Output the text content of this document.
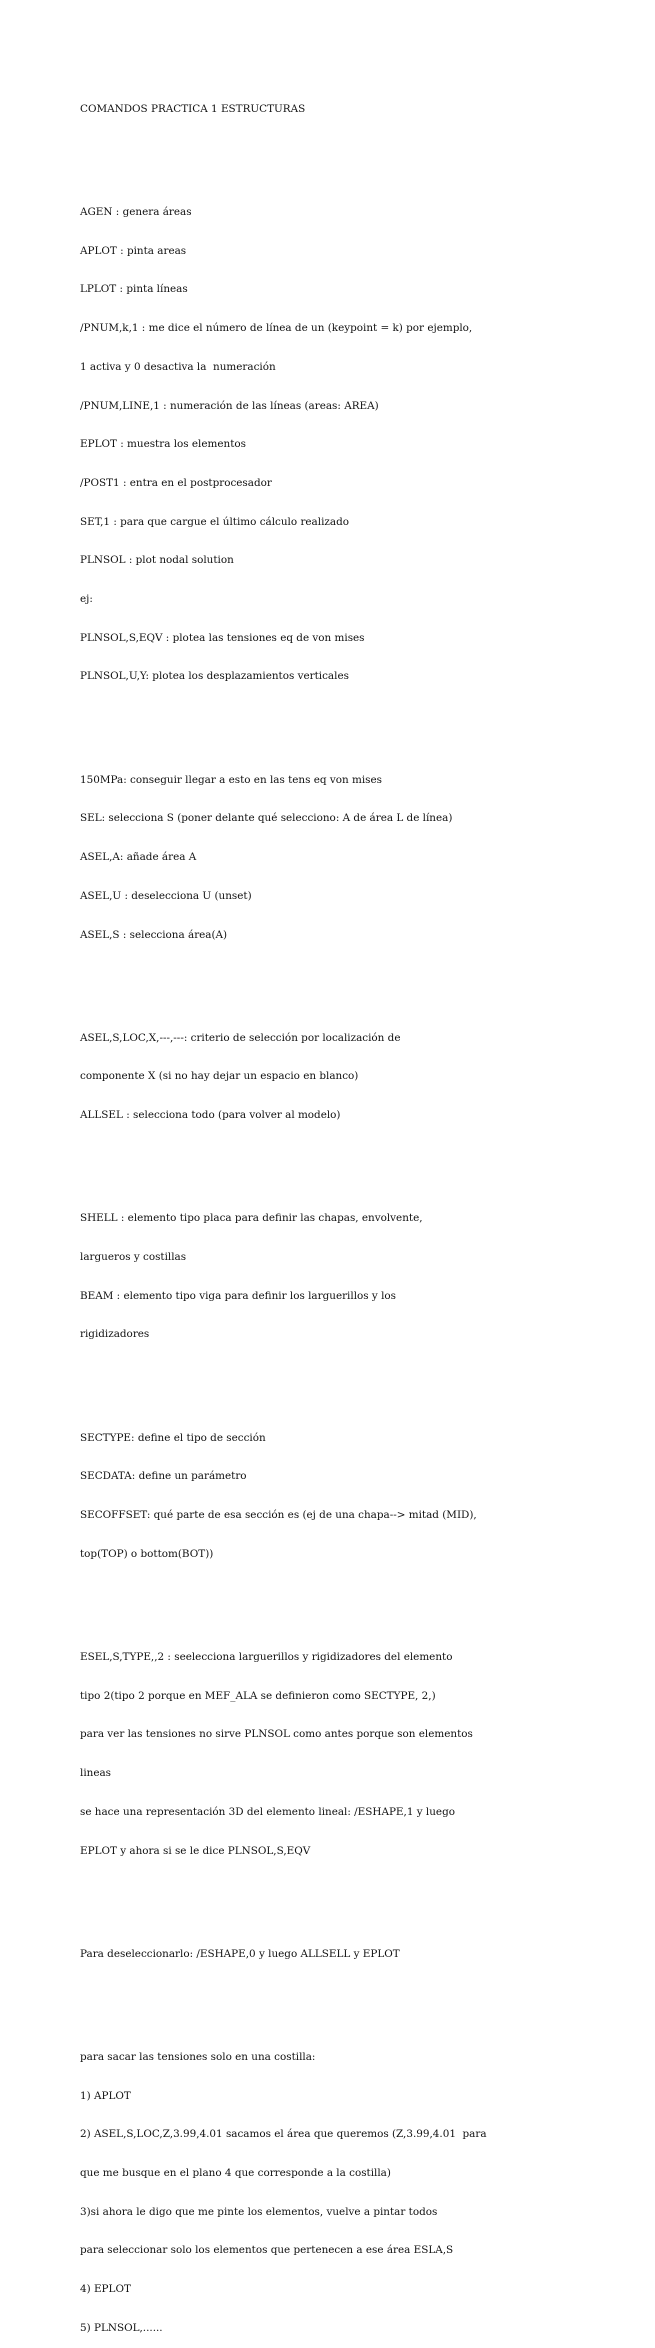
COMANDOS PRACTICA 1 ESTRUCTURAS

AGEN : genera áreas

APLOT : pinta areas

LPLOT : pinta líneas

/PNUM,k,1 : me dice el número de línea de un (keypoint = k) por ejemplo,

1 activa y 0 desactiva la  numeración

/PNUM,LINE,1 : numeración de las líneas (areas: AREA)

EPLOT : muestra los elementos

/POST1 : entra en el postprocesador

SET,1 : para que cargue el último cálculo realizado

PLNSOL : plot nodal solution

ej:

PLNSOL,S,EQV : plotea las tensiones eq de von mises

PLNSOL,U,Y: plotea los desplazamientos verticales

150MPa: conseguir llegar a esto en las tens eq von mises

SEL: selecciona S (poner delante qué selecciono: A de área L de línea)

ASEL,A: añade área A

ASEL,U : deselecciona U (unset)

ASEL,S : selecciona área(A)

ASEL,S,LOC,X,---,---: criterio de selección por localización de

componente X (si no hay dejar un espacio en blanco)

ALLSEL : selecciona todo (para volver al modelo)

SHELL : elemento tipo placa para definir las chapas, envolvente,

largueros y costillas

BEAM : elemento tipo viga para definir los larguerillos y los

rigidizadores

SECTYPE: define el tipo de sección

SECDATA: define un parámetro

SECOFFSET: qué parte de esa sección es (ej de una chapa--> mitad (MID),

top(TOP) o bottom(BOT))

ESEL,S,TYPE,,2 : seelecciona larguerillos y rigidizadores del elemento

tipo 2(tipo 2 porque en MEF_ALA se definieron como SECTYPE, 2,)

para ver las tensiones no sirve PLNSOL como antes porque son elementos

lineas

se hace una representación 3D del elemento lineal: /ESHAPE,1 y luego

EPLOT y ahora si se le dice PLNSOL,S,EQV

Para deseleccionarlo: /ESHAPE,0 y luego ALLSELL y EPLOT

para sacar las tensiones solo en una costilla:

1) APLOT

2) ASEL,S,LOC,Z,3.99,4.01 sacamos el área que queremos (Z,3.99,4.01  para

que me busque en el plano 4 que corresponde a la costilla)

3)si ahora le digo que me pinte los elementos, vuelve a pintar todos

para seleccionar solo los elementos que pertenecen a ese área ESLA,S

4) EPLOT

5) PLNSOL,......
